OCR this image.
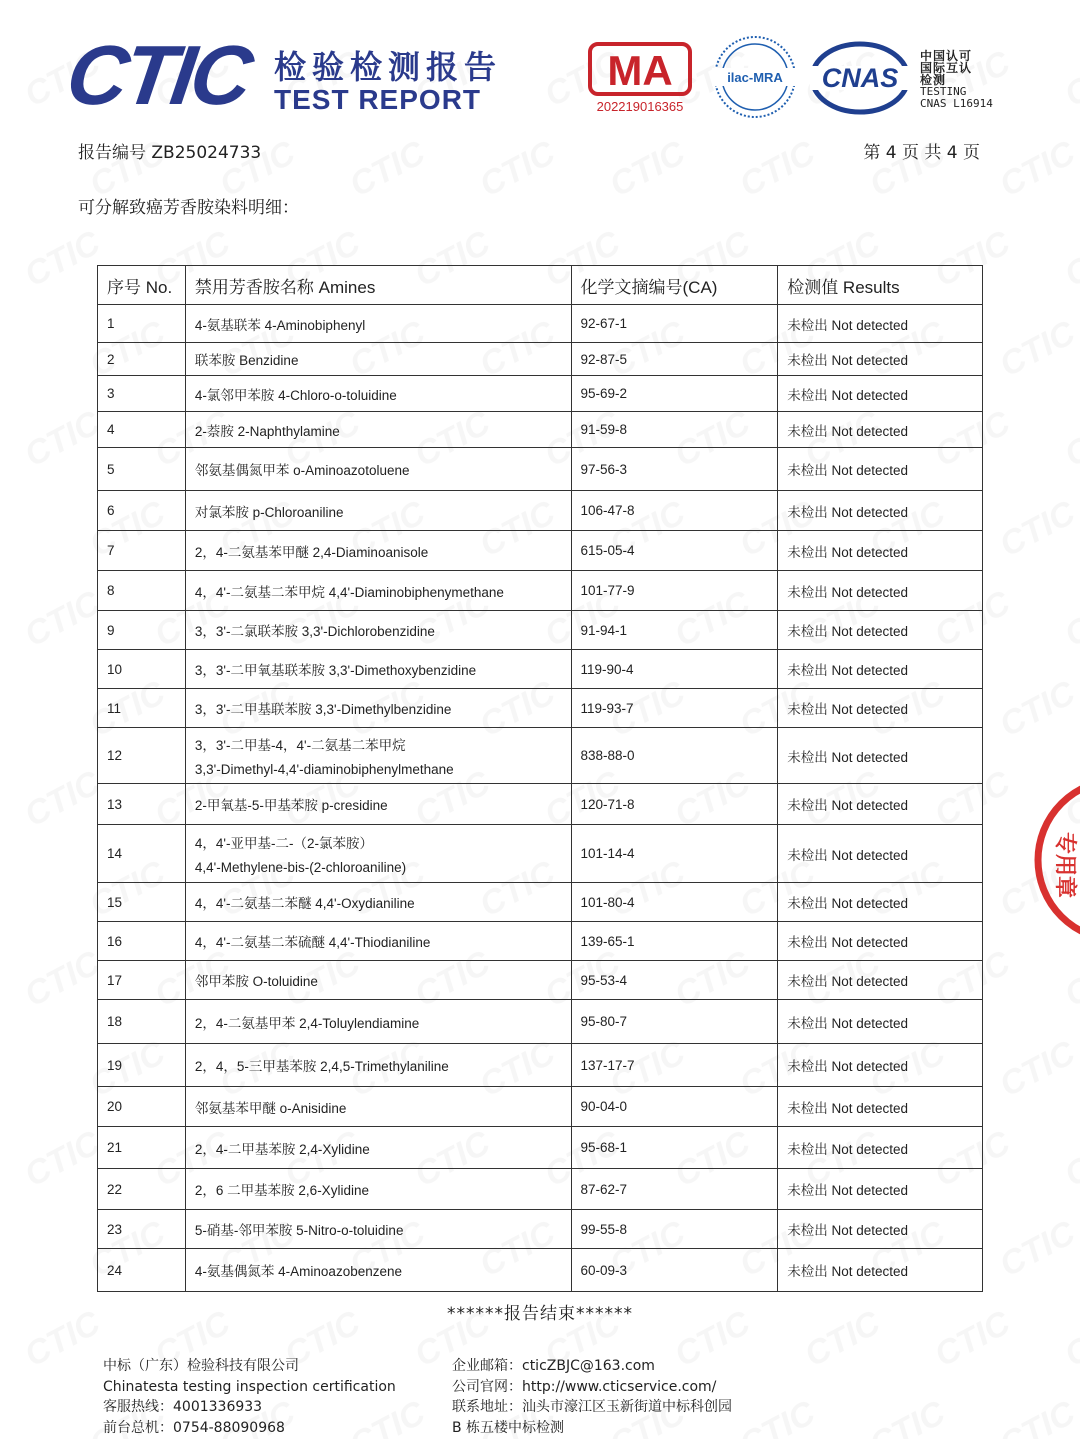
CTIC 检验检测报告
TEST REPORT
MA
202219016365
ilac-MRA CNAS
中国认可
国际互认
检测
TESTING
CNAS L16914
报告编号 ZB25024733	第 4 页 共 4 页
可分解致癌芳香胺染料明细：
序号 No.	禁用芳香胺名称 Amines	化学文摘编号(CA)	检测值 Results
1	4-氨基联苯 4-Aminobiphenyl	92-67-1	未检出 Not detected
2	联苯胺 Benzidine	92-87-5	未检出 Not detected
3	4-氯邻甲苯胺 4-Chloro-o-toluidine	95-69-2	未检出 Not detected
4	2-萘胺 2-Naphthylamine	91-59-8	未检出 Not detected
5	邻氨基偶氮甲苯 o-Aminoazotoluene	97-56-3	未检出 Not detected
6	对氯苯胺 p-Chloroaniline	106-47-8	未检出 Not detected
7	2，4-二氨基苯甲醚 2,4-Diaminoanisole	615-05-4	未检出 Not detected
8	4，4'-二氨基二苯甲烷 4,4'-Diaminobiphenymethane	101-77-9	未检出 Not detected
9	3，3'-二氯联苯胺 3,3'-Dichlorobenzidine	91-94-1	未检出 Not detected
10	3，3'-二甲氧基联苯胺 3,3'-Dimethoxybenzidine	119-90-4	未检出 Not detected
11	3，3'-二甲基联苯胺 3,3'-Dimethylbenzidine	119-93-7	未检出 Not detected
12	3，3'-二甲基-4，4'-二氨基二苯甲烷
3,3'-Dimethyl-4,4'-diaminobiphenylmethane	838-88-0	未检出 Not detected
13	2-甲氧基-5-甲基苯胺 p-cresidine	120-71-8	未检出 Not detected
14	4，4'-亚甲基-二-（2-氯苯胺）
4,4'-Methylene-bis-(2-chloroaniline)	101-14-4	未检出 Not detected
15	4，4'-二氨基二苯醚 4,4'-Oxydianiline	101-80-4	未检出 Not detected
16	4，4'-二氨基二苯硫醚 4,4'-Thiodianiline	139-65-1	未检出 Not detected
17	邻甲苯胺 O-toluidine	95-53-4	未检出 Not detected
18	2，4-二氨基甲苯 2,4-Toluylendiamine	95-80-7	未检出 Not detected
19	2，4，5-三甲基苯胺 2,4,5-Trimethylaniline	137-17-7	未检出 Not detected
20	邻氨基苯甲醚 o-Anisidine	90-04-0	未检出 Not detected
21	2，4-二甲基苯胺 2,4-Xylidine	95-68-1	未检出 Not detected
22	2，6 二甲基苯胺 2,6-Xylidine	87-62-7	未检出 Not detected
23	5-硝基-邻甲苯胺 5-Nitro-o-toluidine	99-55-8	未检出 Not detected
24	4-氨基偶氮苯 4-Aminoazobenzene	60-09-3	未检出 Not detected
******报告结束******
中标（广东）检验科技有限公司
Chinatesta testing inspection certification
客服热线：4001336933
前台总机：0754-88090968
企业邮箱：cticZBJC@163.com
公司官网：http://www.cticservice.com/
联系地址：汕头市濠江区玉新街道中标科创园
B 栋五楼中标检测
专用章
